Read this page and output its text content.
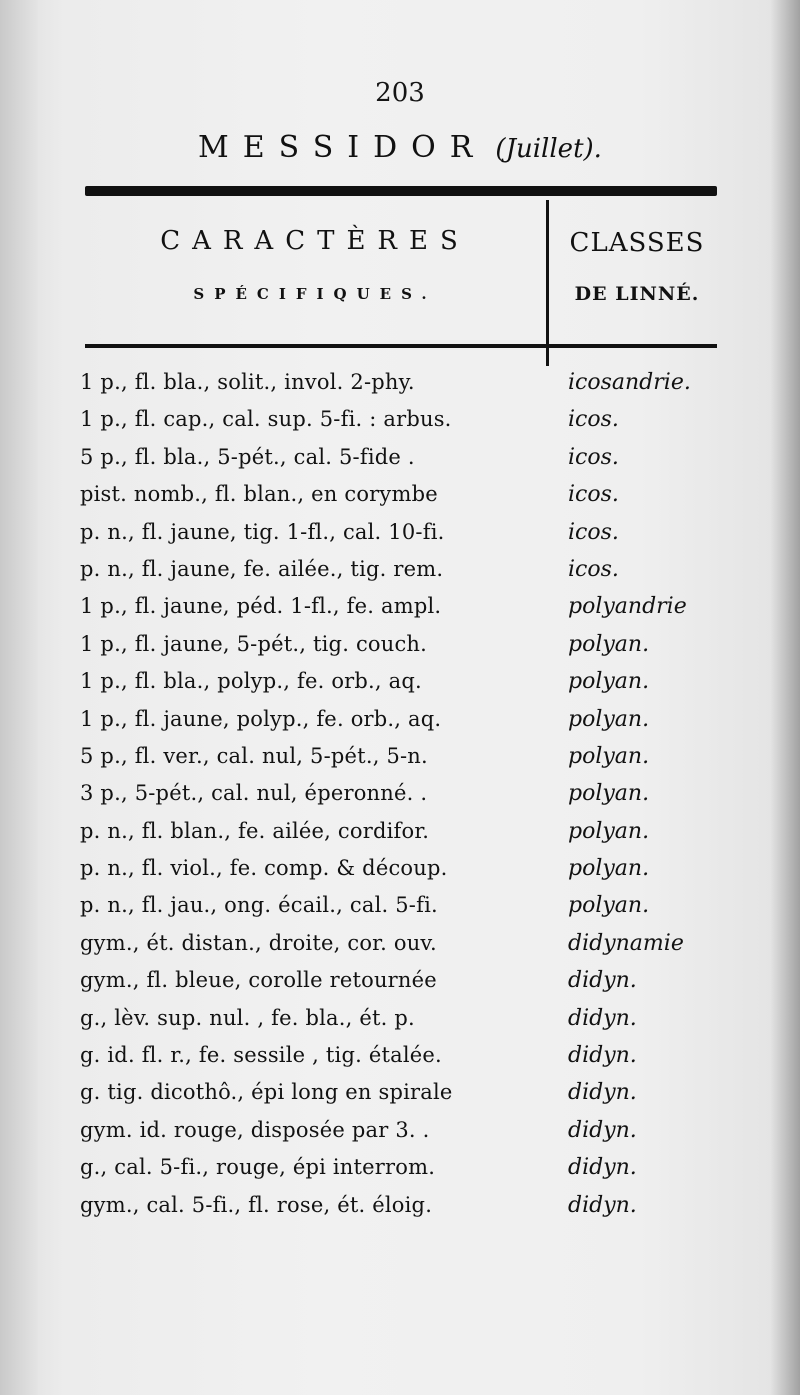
203
MESSIDOR (Juillet).
CARACTÈRES
SPÉCIFIQUES.
CLASSES
DE LINNÉ.
1 p., fl. bla., solit., invol. 2-phy.	icosandrie.
1 p., fl. cap., cal. sup. 5-fi. : arbus.	icos.
5 p., fl. bla., 5-pét., cal. 5-fide .	icos.
pist. nomb., fl. blan., en corymbe	icos.
p. n., fl. jaune, tig. 1-fl., cal. 10-fi.	icos.
p. n., fl. jaune, fe. ailée., tig. rem.	icos.
1 p., fl. jaune, péd. 1-fl., fe. ampl.	polyandrie
1 p., fl. jaune, 5-pét., tig. couch.	polyan.
1 p., fl. bla., polyp., fe. orb., aq.	polyan.
1 p., fl. jaune, polyp., fe. orb., aq.	polyan.
5 p., fl. ver., cal. nul, 5-pét., 5-n.	polyan.
3 p., 5-pét., cal. nul, éperonné. .	polyan.
p. n., fl. blan., fe. ailée, cordifor.	polyan.
p. n., fl. viol., fe. comp. & découp.	polyan.
p. n., fl. jau., ong. écail., cal. 5-fi.	polyan.
gym., ét. distan., droite, cor. ouv.	didynamie
gym., fl. bleue, corolle retournée	didyn.
g., lèv. sup. nul. , fe. bla., ét. p.	didyn.
g. id. fl. r., fe. sessile , tig. étalée.	didyn.
g. tig. dicothô., épi long en spirale	didyn.
gym. id. rouge, disposée par 3. .	didyn.
g., cal. 5-fi., rouge, épi interrom.	didyn.
gym., cal. 5-fi., fl. rose, ét. éloig.	didyn.
